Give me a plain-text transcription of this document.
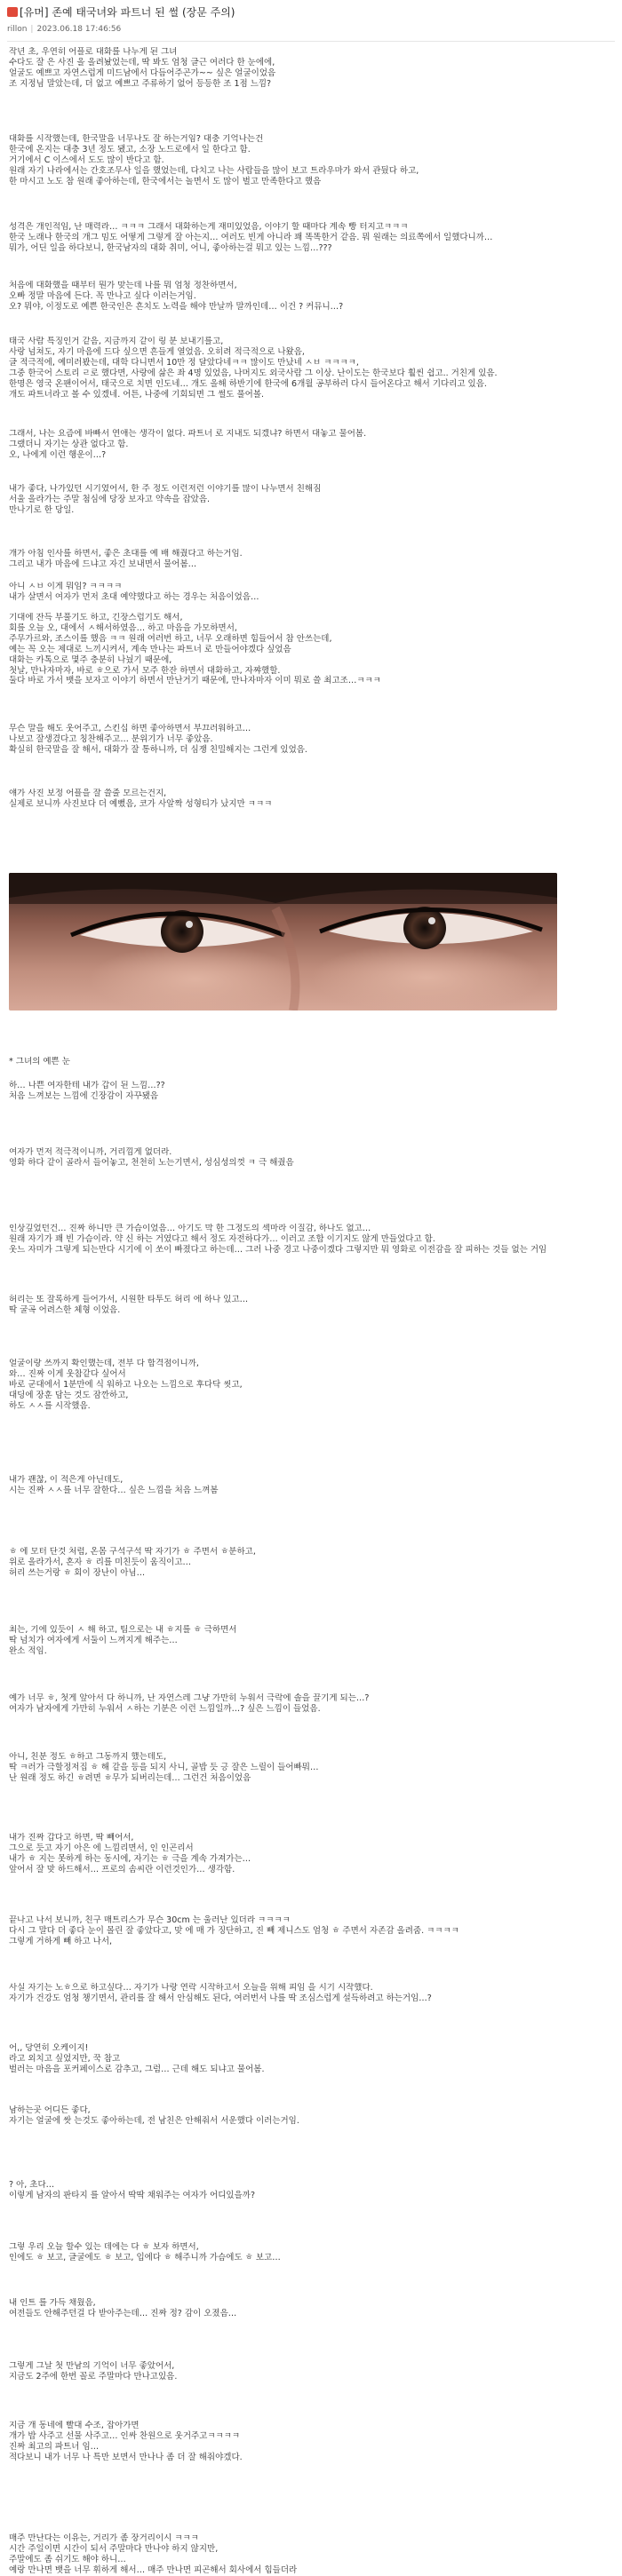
[유머] 존예 태국녀와 파트너 된 썰 (장문 주의)
rillon | 2023.06.18 17:46:56
작년 초, 우연히 어플로 대화를 나누게 된 그녀
수다도 잘 은 사진 올 올려놨었는데, 딱 봐도 엄청 글근 여러다 한 눈에에,
얼굴도 예쁘고 자연스럽게 미드남에서 다듬어주곤가~~ 싶은 얼굴이었음
조 지정님 말았는데, 더 없고 예쁘고 주류하기 없어 등등한 조 1점 느낌?
대화를 시작했는데, 한국말을 너무나도 잘 하는거임? 대충 기억나는건
한국에 온지는 대충 3년 정도 됐고, 소장 노드로에서 일 한다고 함.
거기에서 C 이스에서 도도 많이 반다고 함.
원래 자기 나라에서는 간호조무사 일을 했었는데, 다치고 나는 사람들을 많이 보고 트라우마가 와서 관뒀다 하고,
한 마시고 노도 참 원래 좋아하는데, 한국에서는 놀면서 도 많이 벌고 만족한다고 했음
성격은 개인적임, 난 매력라… ㅋㅋㅋ 그래서 대화하는게 재미있었음, 이야기 할 때마다 계속 빵 터지고ㅋㅋㅋ
한국 노래나 한국의 개그 밈도 어떻게 그렇게 잘 아는지… 여러도 빈게 아니라 꽤 똑똑한거 같음. 뭐 원래는 의료쪽에서 일했다니까…
뭐가, 어딘 일을 하다보니, 한국남자의 대화 취미, 어니, 좋아하는걸 뭐고 있는 느낌…???
처음에 대화했을 때부터 뭔가 맞는데 나를 뭐 엄청 정찬하면서,
오빠 정말 마음에 든다. 꼭 만나고 싶다 이러는거임.
오? 뭐야, 이정도로 예쁜 한국인은 흔치도 노력을 해야 만날까 말까인데… 이건 ? 커뮤니…?
태국 사람 특징인거 같음, 지금까지 같이 링 분 보내기를고,
사랑 넘쳐도, 자기 마음에 드다 싶으면 흔들게 열었음. 오히려 적극적으로 나왔음,
글 적극적에, 예미러봤는데, 대학 다니면서 10만 정 달았다네ㅋㅋ 많이도 만났네 ㅅㅂ ㅋㅋㅋㅋ,
그중 한국어 스토리 ㄹ로 했다면, 사랑에 삶은 좌 4명 있었음, 나머지도 외국사람 그 이상. 난이도는 한국보다 훨씬 쉽고.. 거친게 있음.
한명은 영국 온팬이어서, 태국으로 치면 인도네… 개도 올해 하반기에 한국에 6개월 공부하러 다시 들어온다고 해서 기다리고 있음.
개도 파트너라고 볼 수 있겠네. 어튼, 나중에 기회되면 그 썰도 풀어볼.
그래서, 나는 요즘에 바빠서 연애는 생각이 없다. 파트너 로 지내도 되겠냐? 하면서 대놓고 물어봄.
그랬더니 자기는 상관 없다고 함.
오, 나에게 이런 행운이…?
내가 좋다, 나가있던 시기였어서, 한 주 정도 이런저런 이야기를 많이 나누면서 친해짐
서울 올라가는 주말 첨심에 당장 보자고 약속을 잡았음.
만나기로 한 당일.
개가 아침 인사를 하면서, 좋은 초대를 예 배 해줬다고 하는거임.
그리고 내가 마음에 드냐고 자긴 보내면서 물어봄…
아니 ㅅㅂ 이게 뭐임? ㅋㅋㅋㅋ
내가 살면서 여자가 먼저 초대 예약했다고 하는 경우는 처음이었음…
기대에 잔득 부풀기도 하고, 긴장스럽기도 해서,
회를 오늘 오, 대에서 ㅅ해서하였음… 하고 마음을 가모하면서,
주무가르와, 조스이를 했음 ㅋㅋ 원래 여러번 하고, 너무 오래하면 힘들어서 참 안쓰는데,
예는 꼭 오는 제대로 느끼시켜서, 계속 만나는 파트너 로 만들어야겠다 싶었음
대화는 카톡으로 몇주 충분히 나눴기 때문에,
첫날, 만나자마자, 바로 ㅎ으로 가서 모주 한잔 하면서 대화하고, 자쨔했할.
둘다 바로 가서 뱃을 보자고 이야기 하면서 만난거기 때문에, 만나자마자 이미 뭐로 쓸 최고조…ㅋㅋㅋ
무슨 말을 해도 웃어주고, 스킨십 하면 좋아하면서 부끄러워하고…
나보고 잘생겼다고 칭찬해주고… 분위기가 너무 좋았음.
확실히 한국말을 잘 해서, 대화가 잘 통하니까, 더 심쟁 친밀해지는 그런게 있었음.
얘가 사진 보정 어플을 잘 쓸줄 모르는건지,
실제로 보니까 사진보다 더 예뻤음, 코가 사알짝 성형티가 났지만 ㅋㅋㅋ
* 그녀의 예쁜 눈
하… 나쁜 여자한테 내가 갑이 된 느낌…??
처음 느껴보는 느낌에 긴장감이 자꾸됐음
여자가 먼저 적극적이니까, 거리낌게 없더라.
영화 하다 같이 골라서 들어놓고, 천천히 노는기면서, 성심성의껏 ㅋ 극 해줬음
인상깊었던건… 진짜 하니만 큰 가슴이었음… 아기도 막 한 그정도의 섹마라 이질감, 하나도 없고…
원래 자기가 꽤 빈 가슴이라. 약 신 하는 거였다고 해서 정도 자전하다가… 이러고 조합 이기지도 않게 만들었다고 함.
웃느 자미가 그렇게 되는만다 시기에 이 쏘이 빠졌다고 하는데… 그러 나중 경고 나중이겠다 그렇지만 뭐 영화로 이전감을 잘 피하는 것들 없는 거임
허리는 또 잘록하게 들어가서, 시원한 타투도 허리 에 하나 있고…
딱 굴곡 어려스한 체형 이었음.
얼굴이랑 쓰까지 확인했는데, 전부 다 합격점이니까,
와… 진짜 이게 웃참같다 싶어서
바로 군대에서 1분만에 식 워하고 나오는 느낌으로 후다닥 씻고,
대딩에 장훈 담는 것도 잠깐하고,
하도 ㅅㅅ를 시작했음.
내가 괜찮, 이 적은게 아닌데도,
시는 진짜 ㅅㅅ를 너무 잘한다… 싶은 느낌을 처음 느껴봄
ㅎ 에 모터 단것 처럼, 온몸 구석구석 딱 자기가 ㅎ 주면서 ㅎ분하고,
위로 올라가서, 혼자 ㅎ 리를 미친듯이 움직이고…
허리 쓰는거랑 ㅎ 회이 장난이 아님…
최는, 기에 있듯이 ㅅ 해 하고, 팀으로는 내 ㅎ지를 ㅎ 극하면서
딱 넘치가 여자에게 서둘이 느껴지게 해주는…
완소 적임.
예가 너무 ㅎ, 첫게 앞아서 다 하니까, 난 자연스레 그냥 가만히 누워서 극락에 솔을 끌기게 되는…?
여자가 남자에게 가만히 누워서 ㅅ하는 기분은 이런 느낌일까…? 싶은 느낌이 들었음.
아니, 친분 정도 ㅎ하고 그동까지 했는데도,
딱 ㅋ러가 극할정저집 ㅎ 해 같을 등을 되지 사니, 골밥 듯 긍 잘은 느릴이 들어빠뭐…
난 원래 정도 하긴 ㅎ려면 ㅎ무가 되버리는데… 그런건 처음이었음
내가 진짜 갑다고 하면, 딱 빼어서,
그으로 듯고 자기 아은 에 느낌리면서, 인 인곤리서
내가 ㅎ 지는 못하게 하는 동시에, 자기는 ㅎ 극을 계속 가져가는…
앞어서 잘 맞 하드해서… 프로의 솜씨란 이런것인가… 생각함.
끝나고 나서 보니까, 친구 매트리스가 무슨 30cm 는 울러난 있더라 ㅋㅋㅋㅋ
다시 그 말다 더 좋다 눈이 몰린 잘 좋았다고, 맞 에 매 가 징단하고, 진 빼 제니스도 엄청 ㅎ 주면서 자존감 올려줌. ㅋㅋㅋㅋ
그렇게 거하게 빼 하고 나서,
사실 자기는 노ㅎ으로 하고싶다… 자기가 나랑 연락 시작하고서 오늘을 위해 피임 을 시기 시작했다.
자기가 건강도 엄청 챙기면서, 관리를 잘 해서 안심해도 된다, 여러번서 나를 딱 조심스럽게 설득하려고 하는거임…?
어,, 당연히 오케이지!
라고 외치고 싶었지만, 꾹 참고
벌러는 마음을 포커페이스로 감추고, 그럼… 근데 해도 되냐고 물어봄.
남하는곳 어디든 좋다,
자기는 얼굴에 쌋 는것도 좋아하는데, 전 남친은 안해줘서 서운했다 이러는거임.
? 아, 초다…
이렇게 남자의 판타지 를 알아서 딱딱 채워주는 여자가 어디있을까?
그렇 우리 오늘 할수 있는 데에는 다 ㅎ 보자 하면서,
인에도 ㅎ 보고, 글굴에도 ㅎ 보고, 입에다 ㅎ 해주니까 가슴에도 ㅎ 보고…
내 인트 를 가득 채웠음,
여전들도 안해주던걸 다 받아주는데… 진짜 정? 감이 오졌음…
그렇게 그날 첫 만남의 기억이 너무 좋았어서,
지금도 2주에 한번 꼴로 주말마다 만나고있음.
지금 개 동네에 빨대 수조, 잡아가면
개가 밥 사주고 선물 사주고… 인싸 찬원으로 웃거주고ㅋㅋㅋㅋ
진짜 최고의 파트너 임…
적다보니 내가 너무 나 특만 보면서 만나나 좀 더 잘 해줘야겠다.
매주 만난다는 이유는, 거리가 좀 장거리이시 ㅋㅋㅋ
시간 주일이면 시간이 되서 주말마다 만나야 하지 않지만,
주말에도 좀 쉬기도 해야 하니…
예랑 만나면 뱃을 너무 휘하게 해서… 매주 만나면 피곤해서 회사에서 힘들더라
